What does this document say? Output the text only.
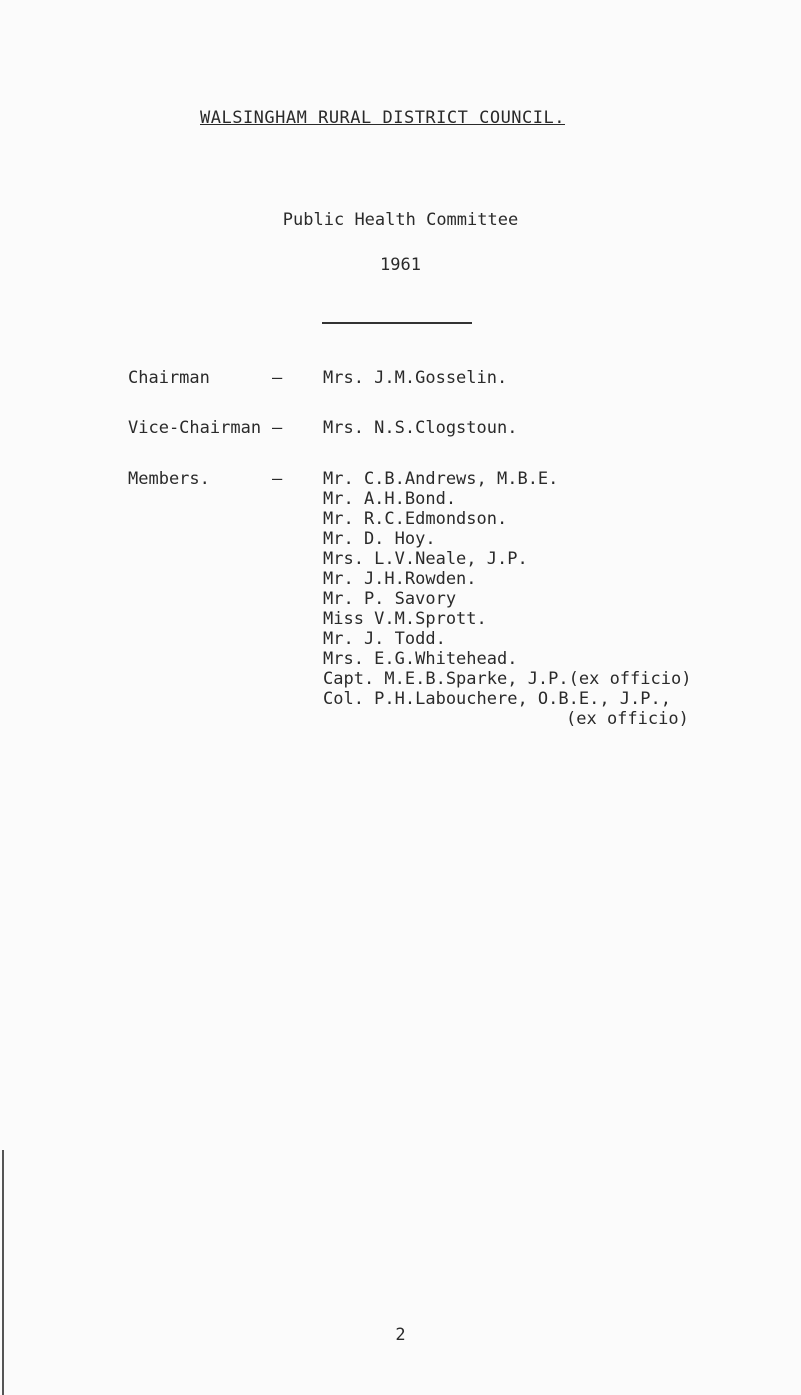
WALSINGHAM RURAL DISTRICT COUNCIL.
Public Health Committee
1961
Chairman	– Mrs. J.M.Gosselin.
Vice-Chairman – Mrs. N.S.Clogstoun.
Members.	– Mr. C.B.Andrews, M.B.E.
Mr. A.H.Bond.
Mr. R.C.Edmondson.
Mr. D. Hoy.
Mrs. L.V.Neale, J.P.
Mr. J.H.Rowden.
Mr. P. Savory
Miss V.M.Sprott.
Mr. J. Todd.
Mrs. E.G.Whitehead.
Capt. M.E.B.Sparke, J.P.(ex officio)
Col. P.H.Labouchere, O.B.E., J.P.,
(ex officio)
2
